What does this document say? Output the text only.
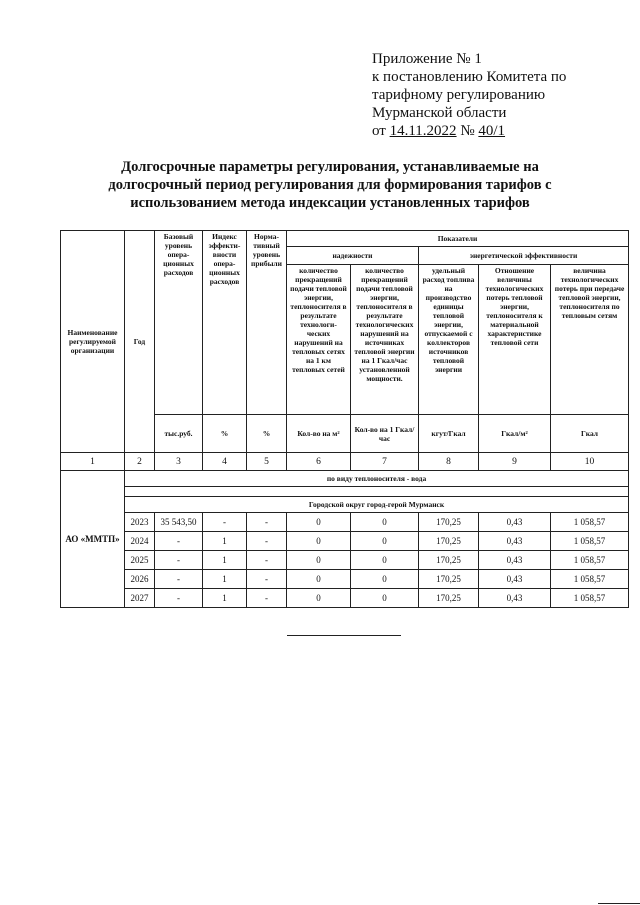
Приложение № 1
к постановлению Комитета по
тарифному регулированию
Мурманской области
от 14.11.2022 № 40/1
Долгосрочные параметры регулирования, устанавливаемые на
долгосрочный период регулирования для формирования тарифов с
использованием метода индексации установленных тарифов
Наименование регулируемой организации	Год	Базовый уровень опера-ционных расходов	Индекс эффекти-вности опера-ционных расходов	Норма-тивный уровень прибыли	Показатели				
					надежности		энергетической эффективности		
					количество прекращений подачи тепловой энергии, теплоносителя в результате технологи-ческих нарушений на тепловых сетях на 1 км тепловых сетей	количество прекращений подачи тепловой энергии, теплоносителя в результате технологических нарушений на источниках тепловой энергии на 1 Гкал/час установленной мощности.	удельный расход топлива на производство единицы тепловой энергии, отпускаемой с коллекторов источников тепловой энергии	Отношение величины технологических потерь тепловой энергии, теплоносителя к материальной характеристике тепловой сети	величина технологических потерь при передаче тепловой энергии, теплоносителя по тепловым сетям
		тыс.руб.	%	%	Кол-во на м²	Кол-во на 1 Гкал/час	кгут/Гкал	Гкал/м²	Гкал
1	2	3	4	5	6	7	8	9	10
АО «ММТП»	по виду теплоносителя - вода								

	Городской округ город-герой Мурманск								
	2023	35 543,50	-	-	0	0	170,25	0,43	1 058,57
	2024	-	1	-	0	0	170,25	0,43	1 058,57
	2025	-	1	-	0	0	170,25	0,43	1 058,57
	2026	-	1	-	0	0	170,25	0,43	1 058,57
	2027	-	1	-	0	0	170,25	0,43	1 058,57
